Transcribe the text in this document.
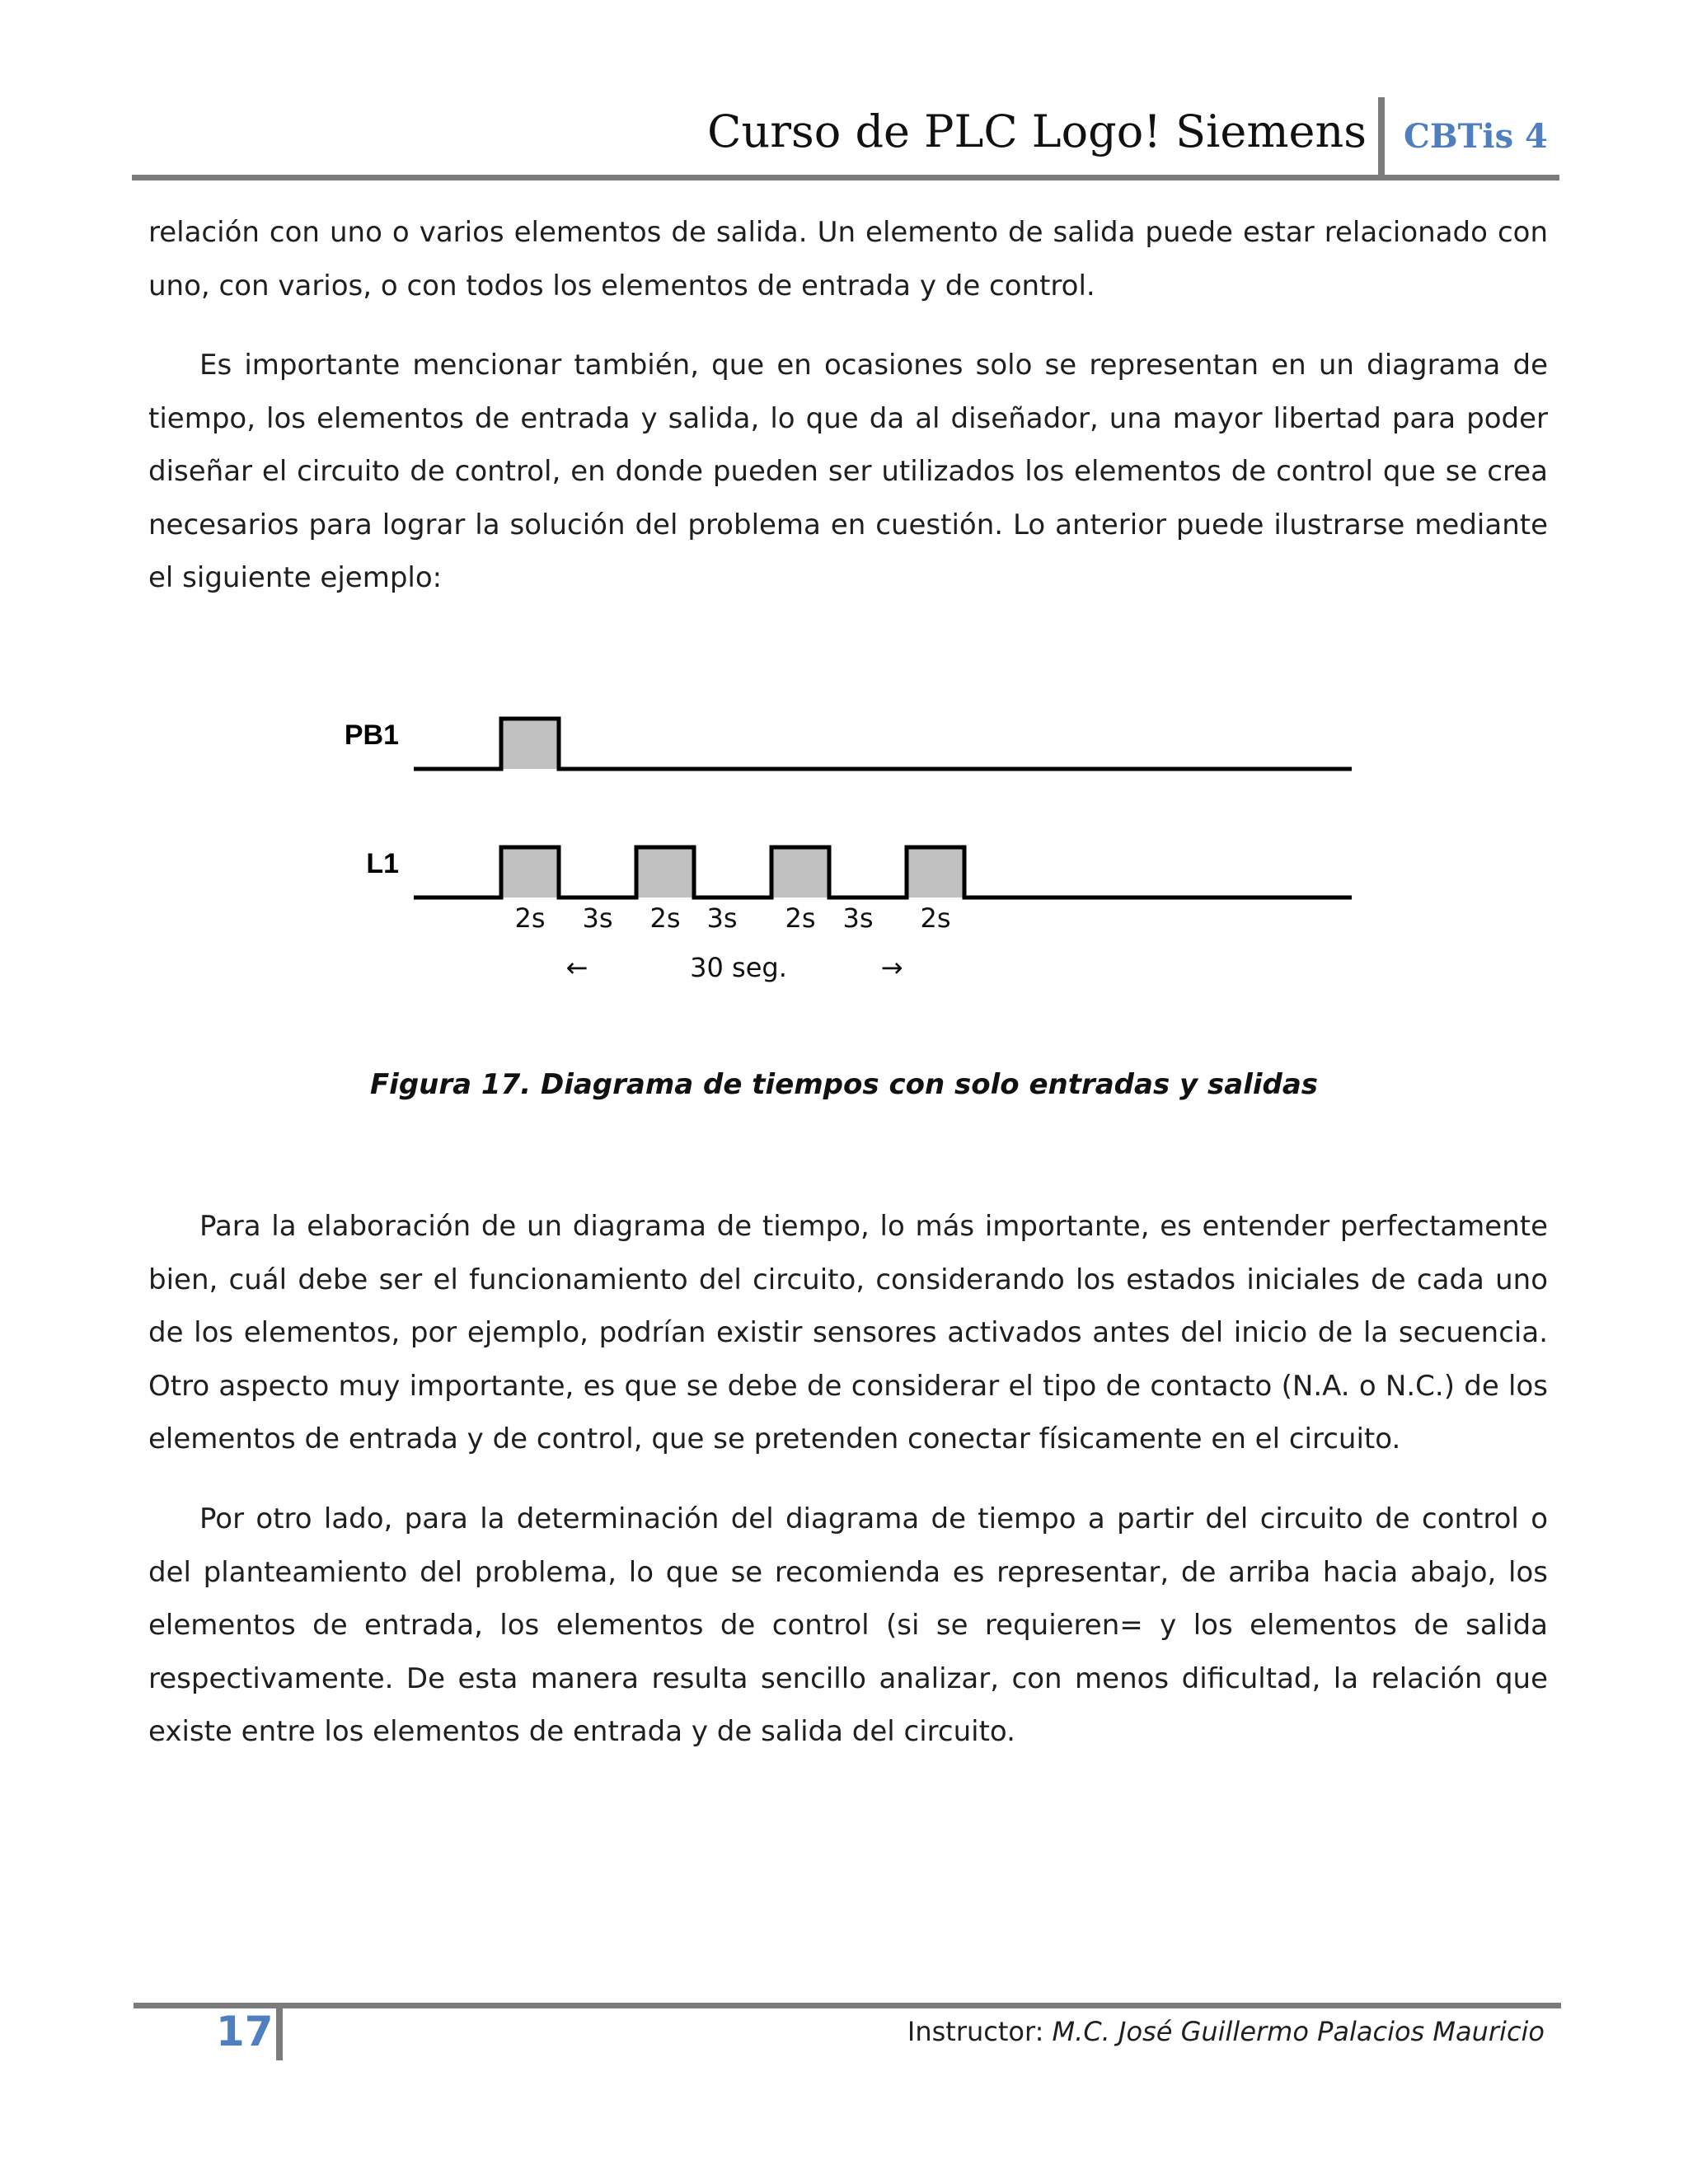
Curso de PLC Logo! Siemens CBTis 4

relación con uno o varios elementos de salida. Un elemento de salida puede estar relacionado con uno, con varios, o con todos los elementos de entrada y de control.

Es importante mencionar también, que en ocasiones solo se representan en un diagrama de tiempo, los elementos de entrada y salida, lo que da al diseñador, una mayor libertad para poder diseñar el circuito de control, en donde pueden ser utilizados los elementos de control que se crea necesarios para lograr la solución del problema en cuestión. Lo anterior puede ilustrarse mediante el siguiente ejemplo:

PB1
L1
2s 3s 2s 3s 2s 3s 2s
←	30 seg.	→
Figura 17. Diagrama de tiempos con solo entradas y salidas

Para la elaboración de un diagrama de tiempo, lo más importante, es entender perfectamente bien, cuál debe ser el funcionamiento del circuito, considerando los estados iniciales de cada uno de los elementos, por ejemplo, podrían existir sensores activados antes del inicio de la secuencia. Otro aspecto muy importante, es que se debe de considerar el tipo de contacto (N.A. o N.C.) de los elementos de entrada y de control, que se pretenden conectar físicamente en el circuito.

Por otro lado, para la determinación del diagrama de tiempo a partir del circuito de control o del planteamiento del problema, lo que se recomienda es representar, de arriba hacia abajo, los elementos de entrada, los elementos de control (si se requieren= y los elementos de salida respectivamente. De esta manera resulta sencillo analizar, con menos dificultad, la relación que existe entre los elementos de entrada y de salida del circuito.

17	Instructor: M.C. José Guillermo Palacios Mauricio
